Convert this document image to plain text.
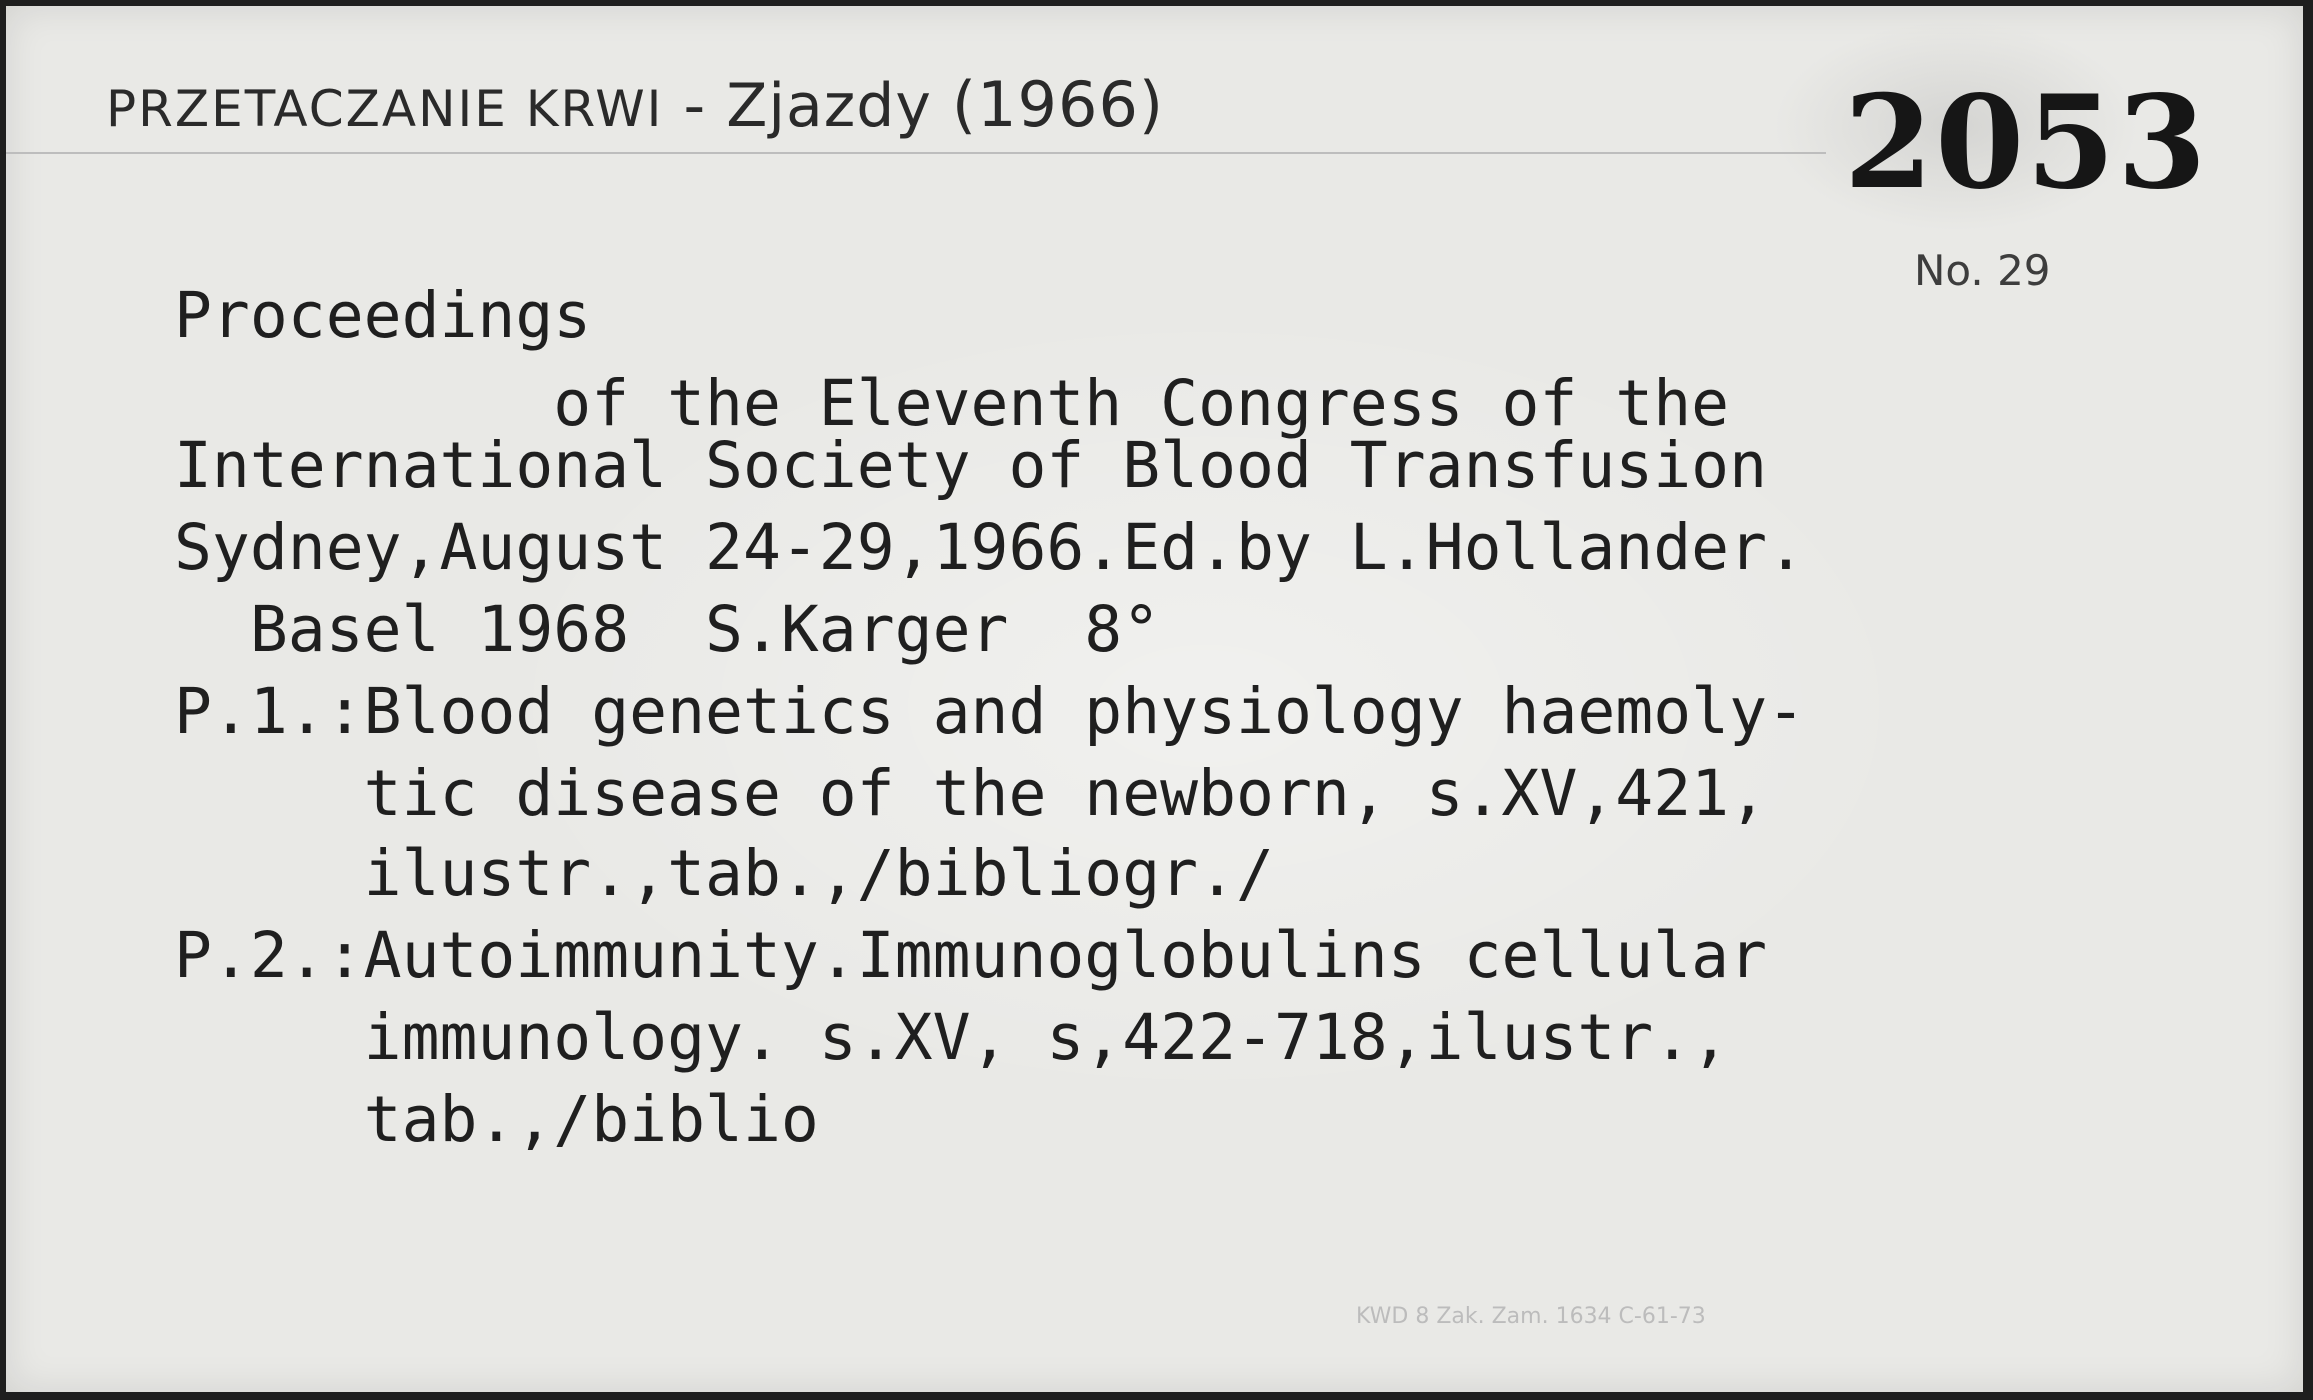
PRZETACZANIE KRWI - Zjazdy (1966)	2053
No. 29
Proceedings
of the Eleventh Congress of the
International Society of Blood Transfusion
Sydney,August 24-29,1966.Ed.by L.Hollander.
Basel 1968  S.Karger  8°
P.1.:Blood genetics and physiology haemoly-
tic disease of the newborn, s.XV,421,
ilustr.,tab.,/bibliogr./
P.2.:Autoimmunity.Immunoglobulins cellular
immunology. s.XV, s,422-718,ilustr.,
tab.,/biblio
KWD 8 Zak. Zam. 1634 C-61-73
